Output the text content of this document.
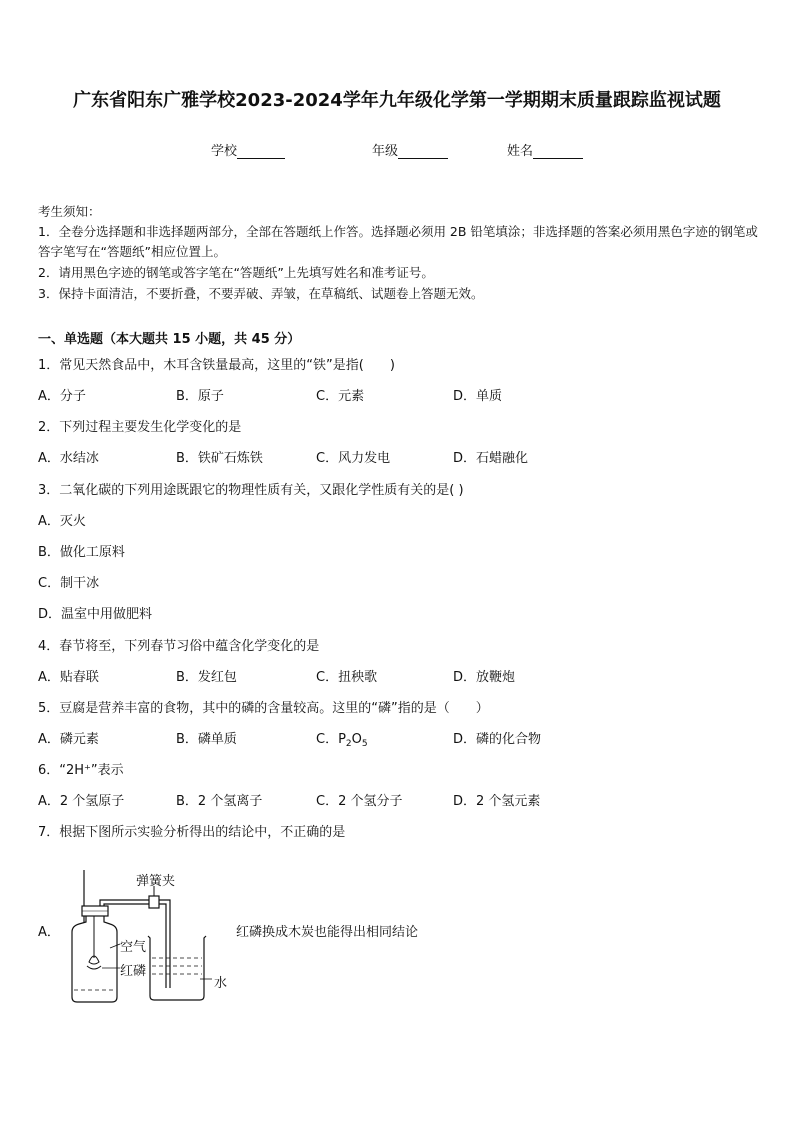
广东省阳东广雅学校2023-2024学年九年级化学第一学期期末质量跟踪监视试题
学校	年级	姓名
考生须知：
1．全卷分选择题和非选择题两部分，全部在答题纸上作答。选择题必须用 2B 铅笔填涂；非选择题的答案必须用黑色字迹的钢笔或答字笔写在“答题纸”相应位置上。
2．请用黑色字迹的钢笔或答字笔在“答题纸”上先填写姓名和准考证号。
3．保持卡面清洁，不要折叠，不要弄破、弄皱，在草稿纸、试题卷上答题无效。
一、单选题（本大题共 15 小题，共 45 分）
1．常见天然食品中，木耳含铁量最高，这里的“铁”是指(　　)
A．分子	B．原子	C．元素	D．单质
2．下列过程主要发生化学变化的是
A．水结冰	B．铁矿石炼铁	C．风力发电	D．石蜡融化
3．二氧化碳的下列用途既跟它的物理性质有关，又跟化学性质有关的是( )
A．灭火
B．做化工原料
C．制干冰
D．温室中用做肥料
4．春节将至，下列春节习俗中蕴含化学变化的是
A．贴春联	B．发红包	C．扭秧歌	D．放鞭炮
5．豆腐是营养丰富的食物，其中的磷的含量较高。这里的“磷”指的是（　　）
A．磷元素	B．磷单质	C．$P_2O_5$	D．磷的化合物
6．“2H⁺”表示
A．2 个氢原子	B．2 个氢离子	C．2 个氢分子	D．2 个氢元素
7．根据下图所示实验分析得出的结论中，不正确的是
A．	红磷换成木炭也能得出相同结论
弹簧夹
空气
红磷
水
